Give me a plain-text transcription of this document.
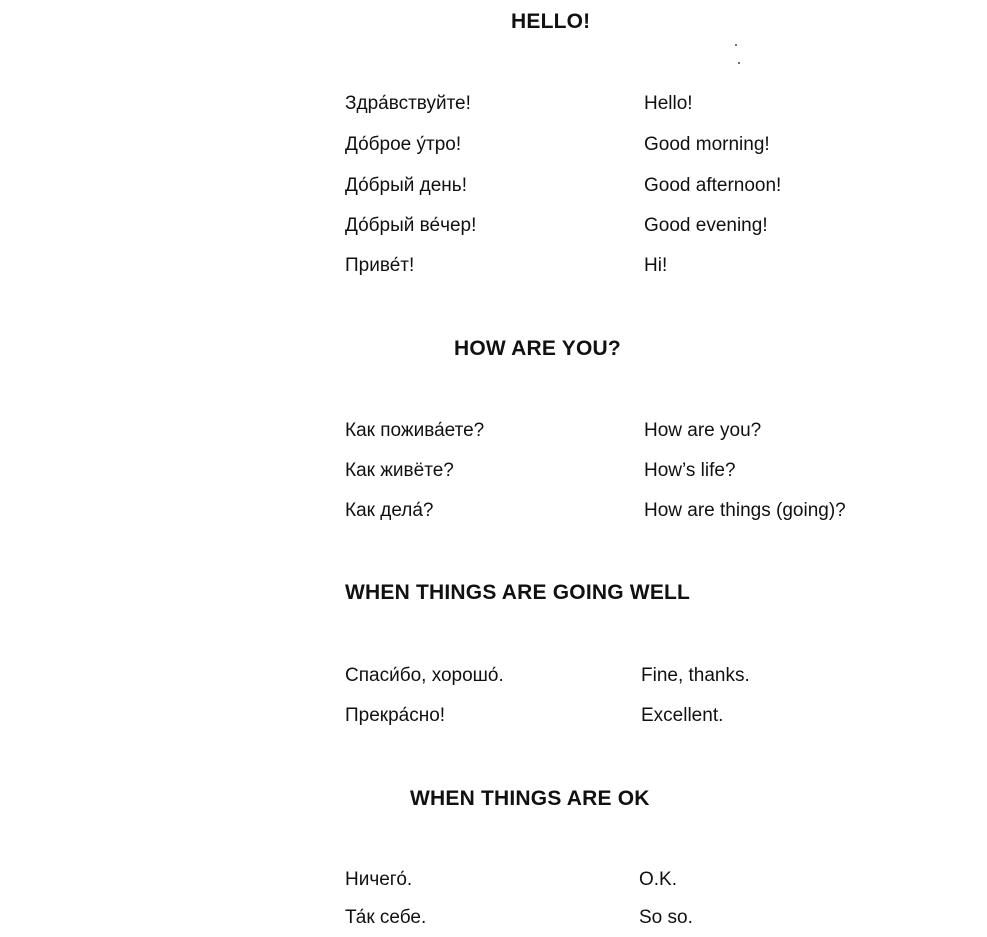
HELLO!
Здра́вствуйте!	Hello!
До́брое у́тро!	Good morning!
До́брый день!	Good afternoon!
До́брый ве́чер!	Good evening!
Приве́т!	Hi!
HOW ARE YOU?
Как пожива́ете?	How are you?
Как живёте?	How’s life?
Как дела́?	How are things (going)?
WHEN THINGS ARE GOING WELL
Спаси́бо, хорошо́.	Fine, thanks.
Прекра́сно!	Excellent.
WHEN THINGS ARE OK
Ничего́.	O.K.
Та́к себе.	So so.
